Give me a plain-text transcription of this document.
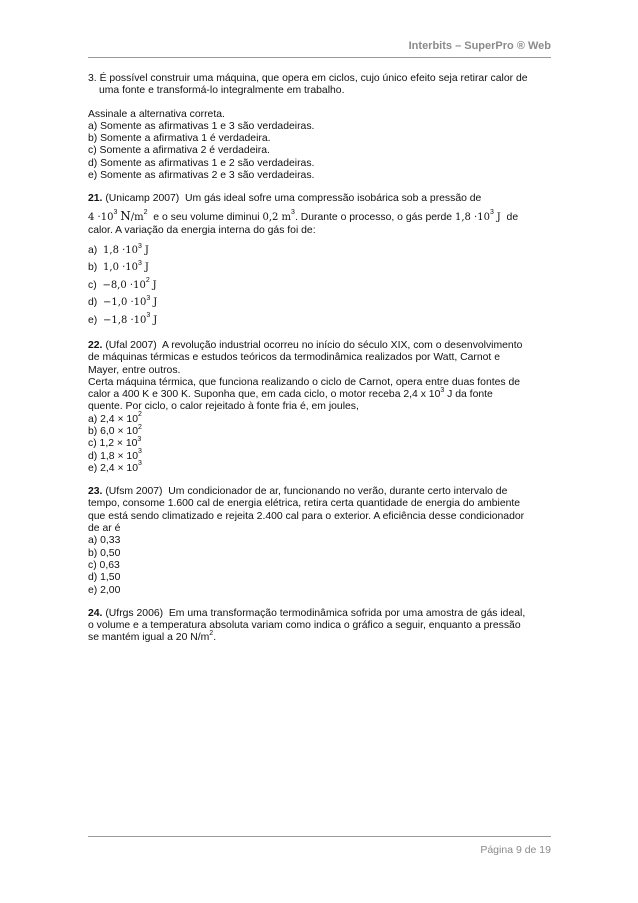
Interbits – SuperPro ® Web

3. É possível construir uma máquina, que opera em ciclos, cujo único efeito seja retirar calor de

uma fonte e transformá-lo integralmente em trabalho.

Assinale a alternativa correta.

a) Somente as afirmativas 1 e 3 são verdadeiras.

b) Somente a afirmativa 1 é verdadeira.

c) Somente a afirmativa 2 é verdadeira.

d) Somente as afirmativas 1 e 2 são verdadeiras.

e) Somente as afirmativas 2 e 3 são verdadeiras.

21. (Unicamp 2007) Um gás ideal sofre uma compressão isobárica sob a pressão de

$4 \cdot 10^3$ $N/m^2$ e o seu volume diminui 0,2 $m^3$. Durante o processo, o gás perde $1,8 \cdot 10^3$ J de

calor. A variação da energia interna do gás foi de:

a) $1,8 \cdot 10^3$ J
b) $1,0 \cdot 10^3$ J
$c) -8,0 \cdot 10^2$ J
$d) -1,0 \cdot 10^3$ J
$e) -1,8 \cdot 10^3$ J

22. (Ufal 2007) A revolução industrial ocorreu no início do século XIX, com o desenvolvimento

de máquinas térmicas e estudos teóricos da termodinâmica realizados por Watt, Carnot e

Mayer, entre outros.

Certa máquina térmica, que funciona realizando o ciclo de Carnot, opera entre duas fontes de

calor a 400 K e 300 K. Suponha que, em cada ciclo, o motor receba 2,4 x $10^3$ J da fonte

quente. Por ciclo, o calor rejeitado à fonte fria é, em joules,

a) $2,4 \times 10^2$

b) $6,0 \times 10^2$

c) $1,2 \times 10^3$

d) $1,8 \times 10^3$

e) $2,4 \times 10^3$

23. (Ufsm 2007) Um condicionador de ar, funcionando no verão, durante certo intervalo de

tempo, consome 1.600 cal de energia elétrica, retira certa quantidade de energia do ambiente

que está sendo climatizado e rejeita 2.400 cal para o exterior. A eficiência desse condicionador

de ar é

a) 0,33

b) 0,50

c) 0,63

d) 1,50

e) 2,00

24. (Ufrgs 2006) Em uma transformação termodinâmica sofrida por uma amostra de gás ideal,

o volume e a temperatura absoluta variam como indica o gráfico a seguir, enquanto a pressão

se mantém igual a 20 $N/m^2$.

Página 9 de 19
